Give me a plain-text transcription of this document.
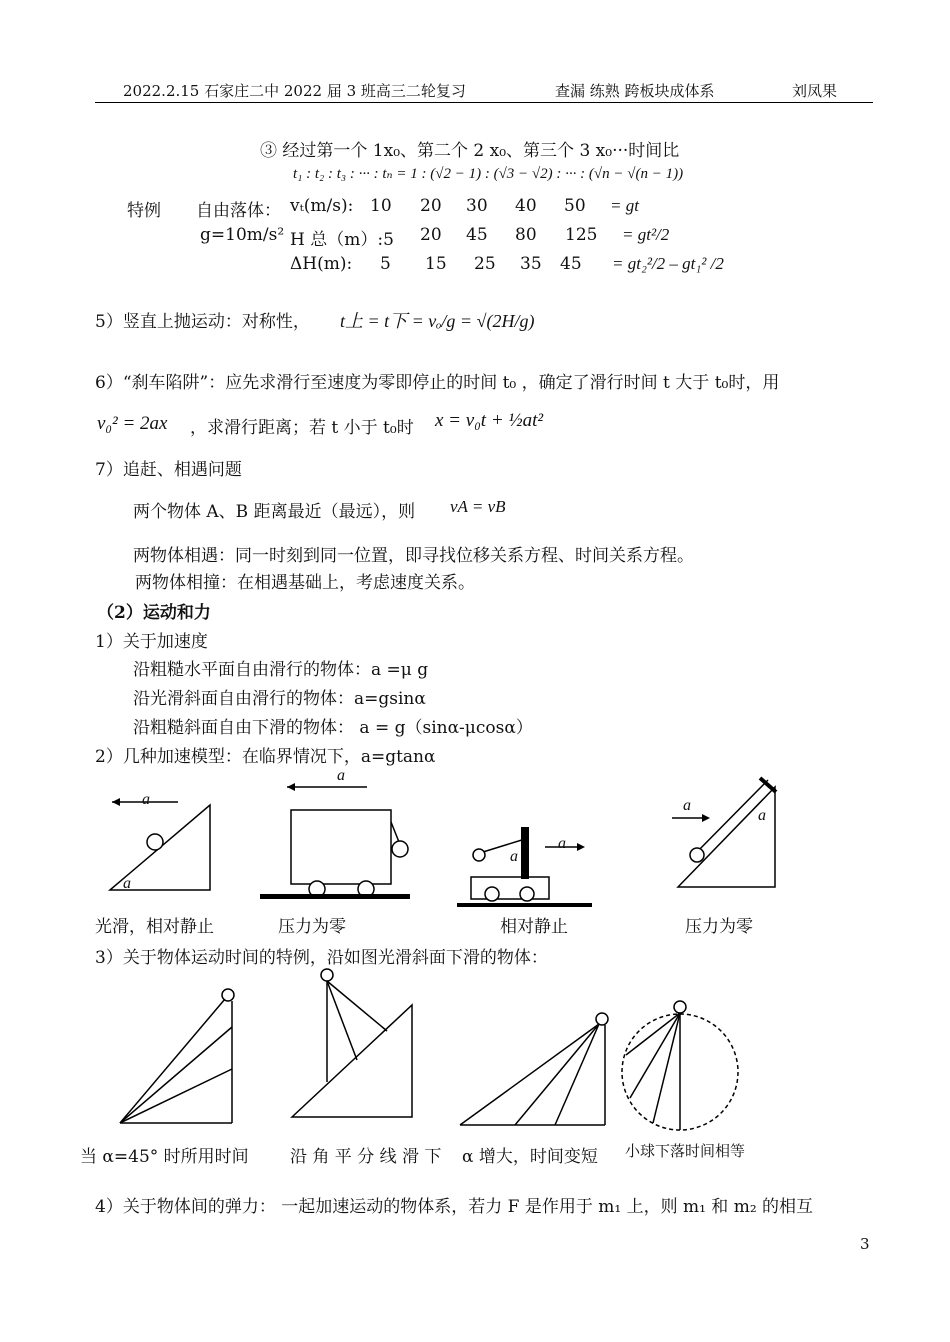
2022.2.15 石家庄二中 2022 届 3 班高三二轮复习	查漏 练熟 跨板块成体系	刘凤果
③ 经过第一个 1x₀、第二个 2 x₀、第三个 3 x₀···时间比
t₁ : t₂ : t₃ : ··· : tₙ = 1 : (√2 − 1) : (√3 − √2) : ··· : (√n − √(n − 1))
特例 自由落体：
g=10m/s²
vₜ(m/s): 10 20 30 40 50 = gt
H 总（m）:5 20 45 80 125 = gt²/2
ΔH(m): 5 15 25 35 45 = gt₂²/2 – gt₁² /2
5）竖直上抛运动：对称性， t上 = t下 = vₒ/g = √(2H/g)
6）“刹车陷阱”：应先求滑行至速度为零即停止的时间 t₀ ，确定了滑行时间 t 大于 t₀时，用
v₀² = 2ax ，求滑行距离；若 t 小于 t₀时 x = v₀t + ½at²
7）追赶、相遇问题
两个物体 A、B 距离最近（最远），则 vA = vB
两物体相遇：同一时刻到同一位置，即寻找位移关系方程、时间关系方程。
两物体相撞：在相遇基础上，考虑速度关系。
（2）运动和力
1）关于加速度
沿粗糙水平面自由滑行的物体：a =μ g
沿光滑斜面自由滑行的物体：a=gsinα
沿粗糙斜面自由下滑的物体： a = g（sinα-μcosα）
2）几种加速模型：在临界情况下，a=gtanα
a
a
a
a
a
a
a
光滑，相对静止	压力为零	相对静止	压力为零
3）关于物体运动时间的特例，沿如图光滑斜面下滑的物体：
当 α=45° 时所用时间 沿 角 平 分 线 滑 下 α 增大，时间变短 小球下落时间相等
4）关于物体间的弹力： 一起加速运动的物体系，若力 F 是作用于 m₁ 上，则 m₁ 和 m₂ 的相互
3
